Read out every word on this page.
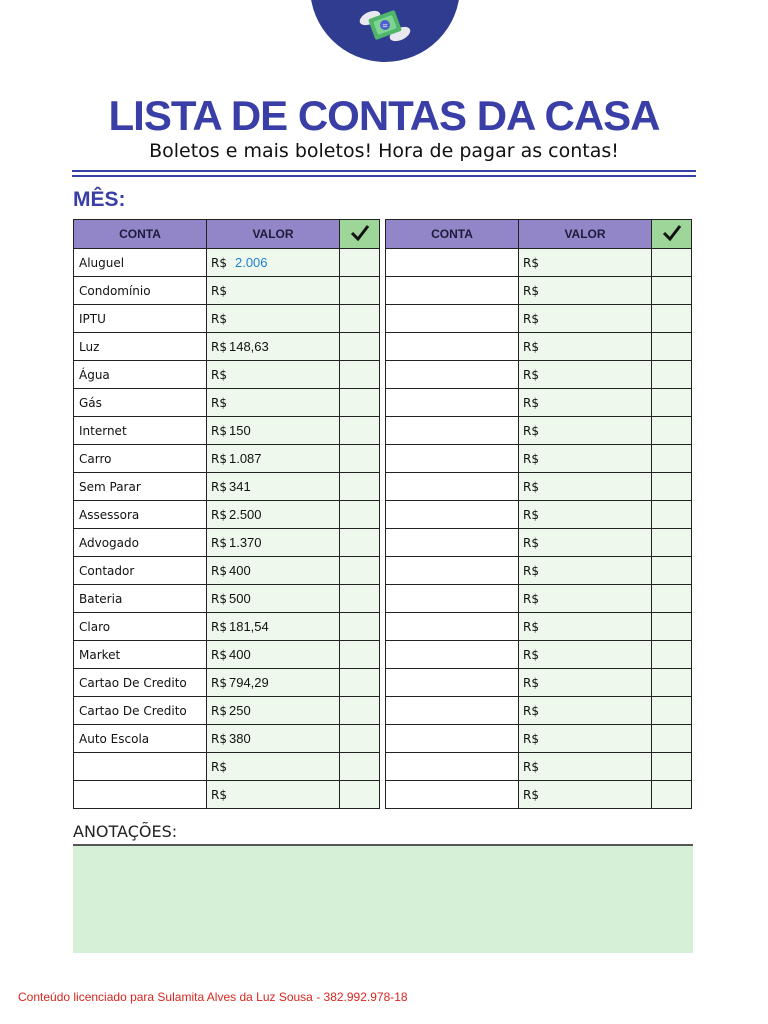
=
LISTA DE CONTAS DA CASA
Boletos e mais boletos! Hora de pagar as contas!
MÊS:
CONTA	VALOR	
Aluguel	R$ 2.006	
Condomínio	R$	
IPTU	R$	
Luz	R$ 148,63	
Água	R$	
Gás	R$	
Internet	R$ 150	
Carro	R$ 1.087	
Sem Parar	R$ 341	
Assessora	R$ 2.500	
Advogado	R$ 1.370	
Contador	R$ 400	
Bateria	R$ 500	
Claro	R$ 181,54	
Market	R$ 400	
Cartao De Credito	R$ 794,29	
Cartao De Credito	R$ 250	
Auto Escola	R$ 380	
	R$	
	R$	
CONTA	VALOR	
	R$	
	R$	
	R$	
	R$	
	R$	
	R$	
	R$	
	R$	
	R$	
	R$	
	R$	
	R$	
	R$	
	R$	
	R$	
	R$	
	R$	
	R$	
	R$	
	R$	
ANOTAÇÕES:
Conteúdo licenciado para Sulamita Alves da Luz Sousa - 382.992.978-18
